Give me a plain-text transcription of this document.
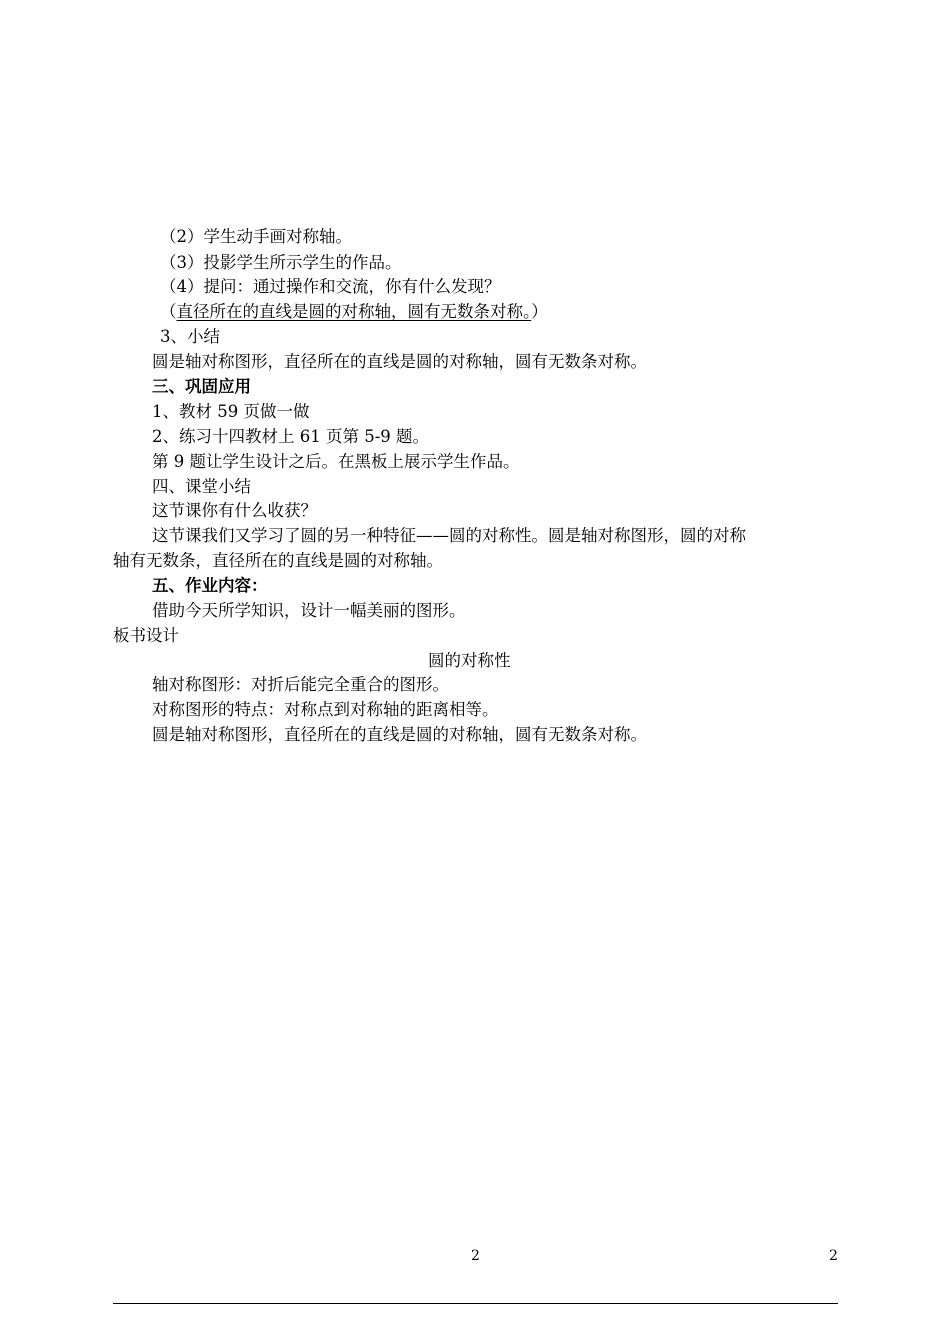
（2）学生动手画对称轴。
（3）投影学生所示学生的作品。
（4）提问：通过操作和交流，你有什么发现？
（直径所在的直线是圆的对称轴，圆有无数条对称。）
3、小结
圆是轴对称图形，直径所在的直线是圆的对称轴，圆有无数条对称。
三、巩固应用
1、教材 59 页做一做
2、练习十四教材上 61 页第 5-9 题。
第 9 题让学生设计之后。在黑板上展示学生作品。
四、课堂小结
这节课你有什么收获？
这节课我们又学习了圆的另一种特征——圆的对称性。圆是轴对称图形，圆的对称
轴有无数条，直径所在的直线是圆的对称轴。
五、作业内容：
借助今天所学知识，设计一幅美丽的图形。
板书设计
圆的对称性
轴对称图形：对折后能完全重合的图形。
对称图形的特点：对称点到对称轴的距离相等。
圆是轴对称图形，直径所在的直线是圆的对称轴，圆有无数条对称。
2	2
